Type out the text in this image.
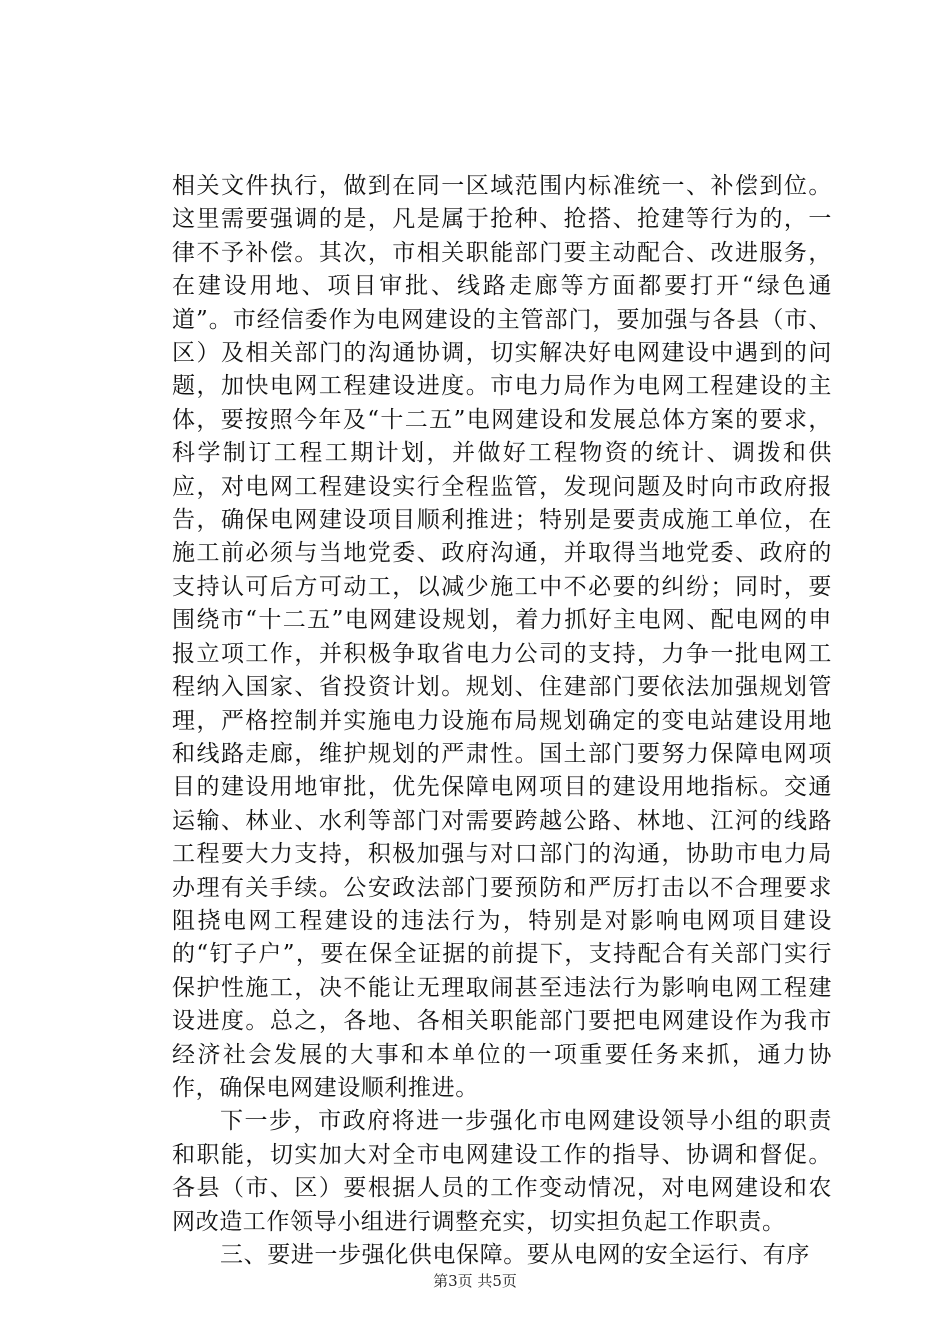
相关文件执行，做到在同一区域范围内标准统一、补偿到位。这里需要强调的是，凡是属于抢种、抢搭、抢建等行为的，一律不予补偿。其次，市相关职能部门要主动配合、改进服务，在建设用地、项目审批、线路走廊等方面都要打开“绿色通道”。市经信委作为电网建设的主管部门，要加强与各县（市、区）及相关部门的沟通协调，切实解决好电网建设中遇到的问题，加快电网工程建设进度。市电力局作为电网工程建设的主体，要按照今年及“十二五”电网建设和发展总体方案的要求，科学制订工程工期计划，并做好工程物资的统计、调拨和供应，对电网工程建设实行全程监管，发现问题及时向市政府报告，确保电网建设项目顺利推进；特别是要责成施工单位，在施工前必须与当地党委、政府沟通，并取得当地党委、政府的支持认可后方可动工，以减少施工中不必要的纠纷；同时，要围绕市“十二五”电网建设规划，着力抓好主电网、配电网的申报立项工作，并积极争取省电力公司的支持，力争一批电网工程纳入国家、省投资计划。规划、住建部门要依法加强规划管理，严格控制并实施电力设施布局规划确定的变电站建设用地和线路走廊，维护规划的严肃性。国土部门要努力保障电网项目的建设用地审批，优先保障电网项目的建设用地指标。交通运输、林业、水利等部门对需要跨越公路、林地、江河的线路工程要大力支持，积极加强与对口部门的沟通，协助市电力局办理有关手续。公安政法部门要预防和严厉打击以不合理要求阻挠电网工程建设的违法行为，特别是对影响电网项目建设的“钉子户”，要在保全证据的前提下，支持配合有关部门实行保护性施工，决不能让无理取闹甚至违法行为影响电网工程建设进度。总之，各地、各相关职能部门要把电网建设作为我市经济社会发展的大事和本单位的一项重要任务来抓，通力协作，确保电网建设顺利推进。

下一步，市政府将进一步强化市电网建设领导小组的职责和职能，切实加大对全市电网建设工作的指导、协调和督促。各县（市、区）要根据人员的工作变动情况，对电网建设和农网改造工作领导小组进行调整充实，切实担负起工作职责。

三、要进一步强化供电保障。要从电网的安全运行、有序

第3页 共5页
